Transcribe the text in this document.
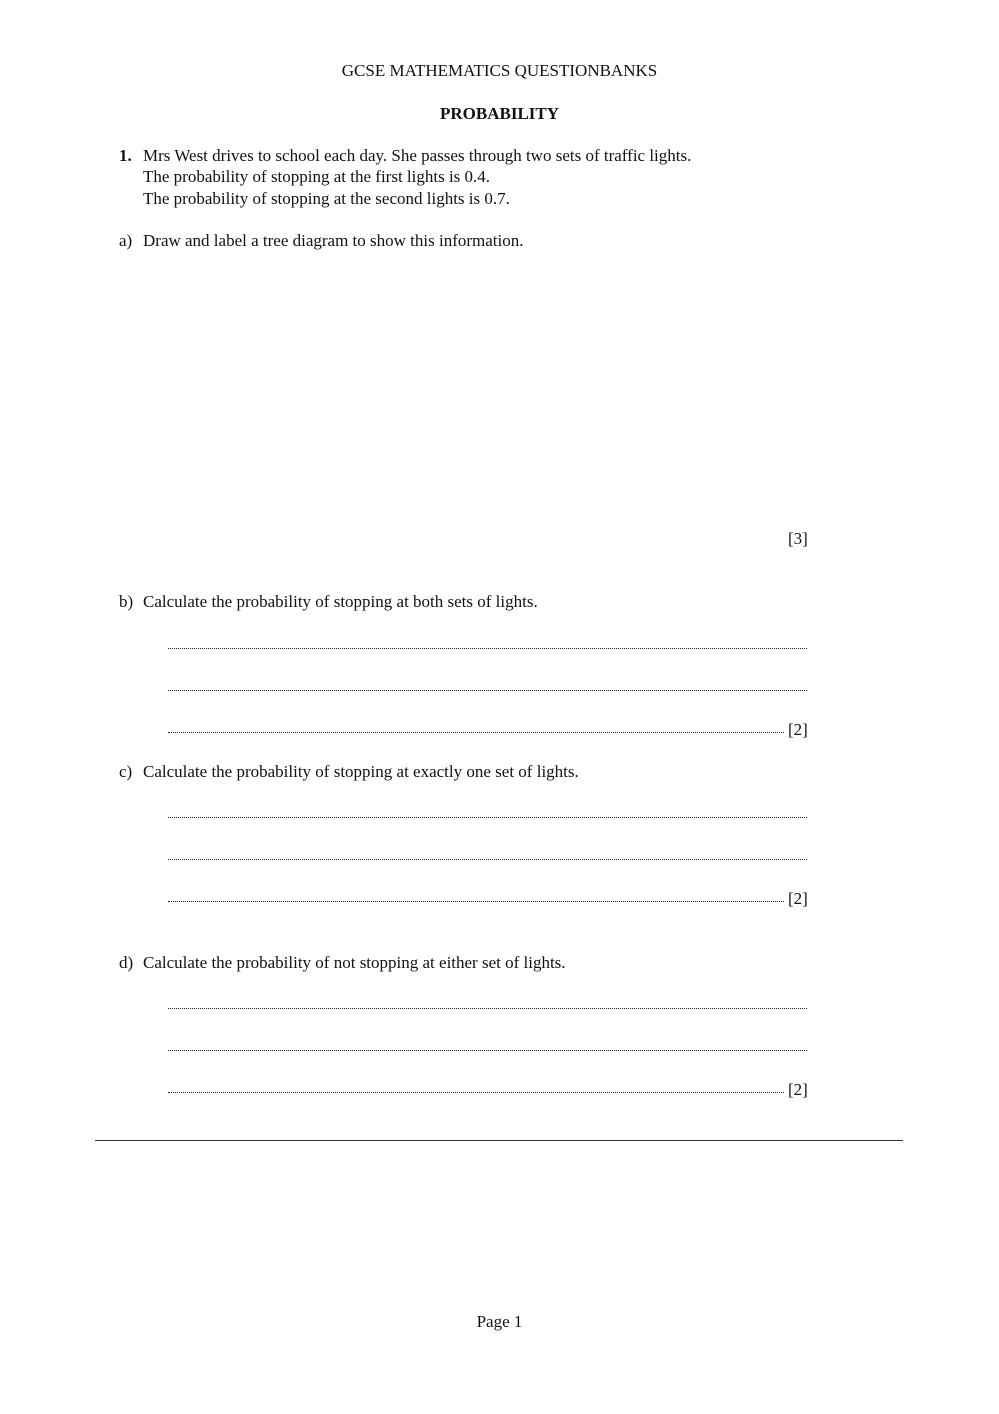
GCSE MATHEMATICS QUESTIONBANKS
PROBABILITY
1. Mrs West drives to school each day. She passes through two sets of traffic lights.
The probability of stopping at the first lights is 0.4.
The probability of stopping at the second lights is 0.7.
a) Draw and label a tree diagram to show this information.
[3]
b) Calculate the probability of stopping at both sets of lights.
[2]
c) Calculate the probability of stopping at exactly one set of lights.
[2]
d) Calculate the probability of not stopping at either set of lights.
[2]
Page 1
